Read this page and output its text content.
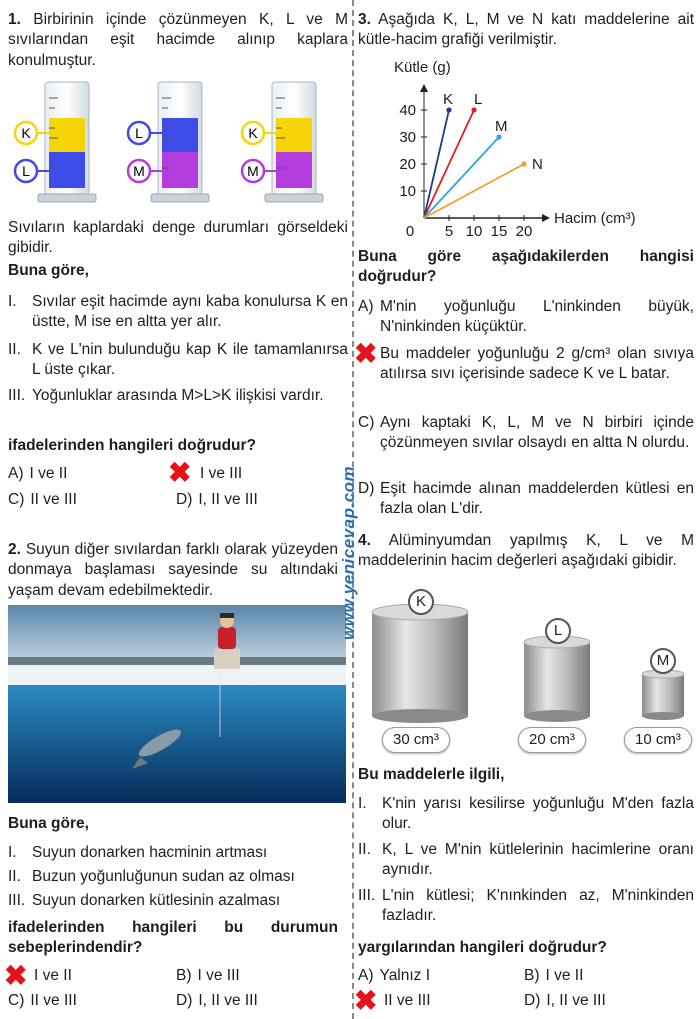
1. Birbirinin içinde çözünmeyen K, L ve M sıvılarından eşit hacimde alınıp kaplara konulmuştur.
K
L
L
M
K
M
Sıvıların kaplardaki denge durumları görseldeki gibidir.
Buna göre,
I. Sıvılar eşit hacimde aynı kaba konulursa K en üstte, M ise en altta yer alır.
II. K ve L'nin bulunduğu kap K ile tamamlanırsa L üste çıkar.
III. Yoğunluklar arasında M>L>K ilişkisi vardır.
ifadelerinden hangileri doğrudur?
A) I ve II	✖ I ve III
C) II ve III	D) I, II ve III
2. Suyun diğer sıvılardan farklı olarak yüzeyden donmaya başlaması sayesinde su altındaki yaşam devam edebilmektedir.
Buna göre,
I. Suyun donarken hacminin artması
II. Buzun yoğunluğunun sudan az olması
III. Suyun donarken kütlesinin azalması
ifadelerinden hangileri bu durumun sebeplerindendir?
✖ I ve II	B) I ve III
C) II ve III	D) I, II ve III
www.yenicevap.com
3. Aşağıda K, L, M ve N katı maddelerine ait kütle-hacim grafiği verilmiştir.
10
20
30
40
0 5 10 15 20
Kütle (g)
Hacim (cm³)
K L
M
N
Buna göre aşağıdakilerden hangisi doğrudur?
A) M'nin yoğunluğu L'ninkinden büyük, N'ninkinden küçüktür.
✖ Bu maddeler yoğunluğu 2 g/cm³ olan sıvıya atılırsa sıvı içerisinde sadece K ve L batar.
C) Aynı kaptaki K, L, M ve N birbiri içinde çözünmeyen sıvılar olsaydı en altta N olurdu.
D) Eşit hacimde alınan maddelerden kütlesi en fazla olan L'dir.
4. Alüminyumdan yapılmış K, L ve M maddelerinin hacim değerleri aşağıdaki gibidir.
K
L
M
30 cm³	20 cm³	10 cm³
Bu maddelerle ilgili,
I. K'nin yarısı kesilirse yoğunluğu M'den fazla olur.
II. K, L ve M'nin kütlelerinin hacimlerine oranı aynıdır.
III. L'nin kütlesi; K'nınkinden az, M'ninkinden fazladır.
yargılarından hangileri doğrudur?
A) Yalnız I	B) I ve II
✖ II ve III	D) I, II ve III
